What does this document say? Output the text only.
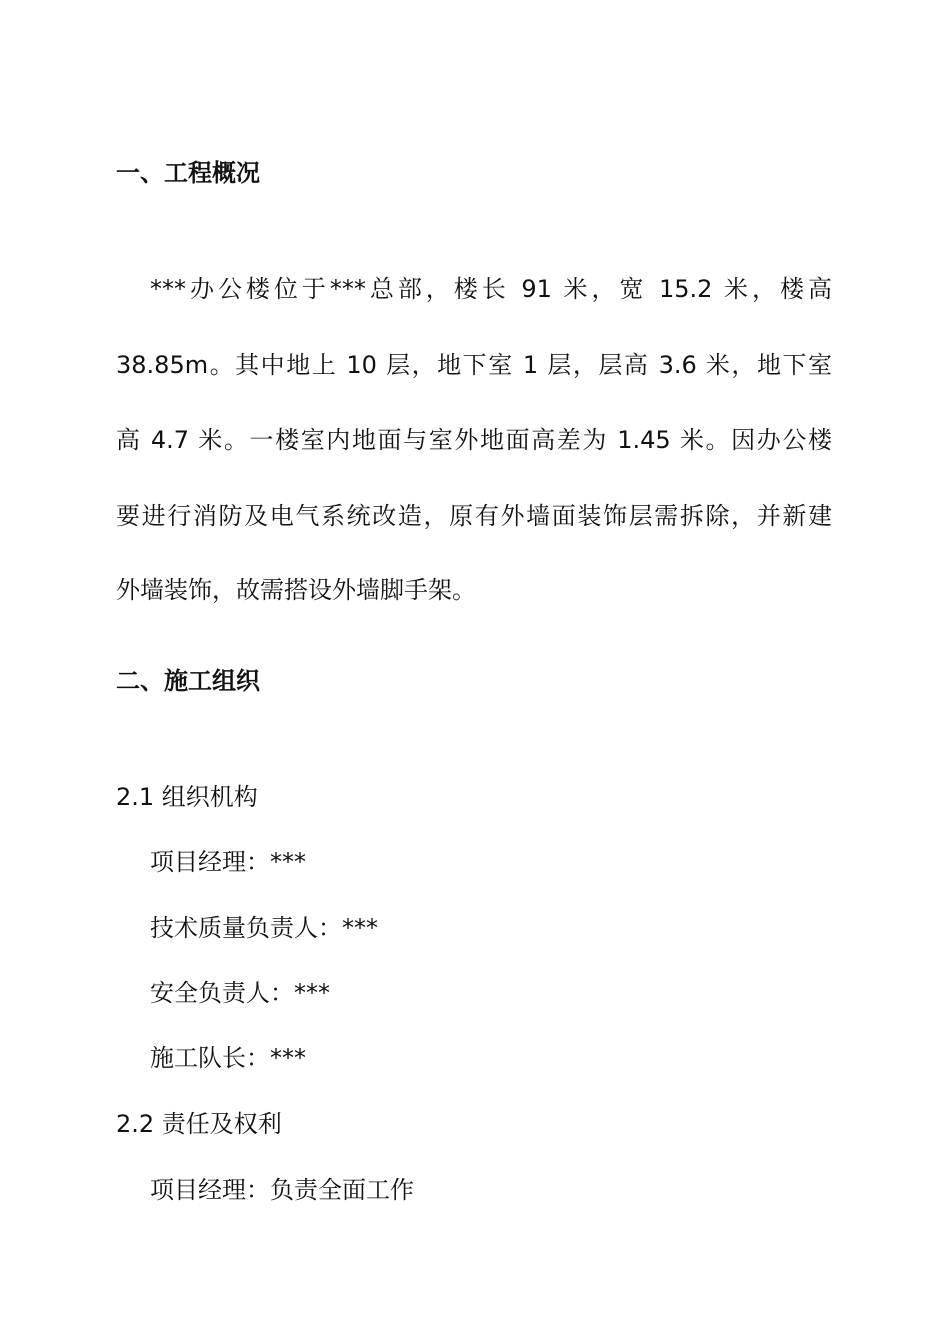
一、工程概况
***办公楼位于***总部，楼长 91 米，宽 15.2 米，楼高
38.85m。其中地上 10 层，地下室 1 层，层高 3.6 米，地下室
高 4.7 米。一楼室内地面与室外地面高差为 1.45 米。因办公楼
要进行消防及电气系统改造，原有外墙面装饰层需拆除，并新建
外墙装饰，故需搭设外墙脚手架。
二、施工组织
2.1 组织机构
项目经理：***
技术质量负责人：***
安全负责人：***
施工队长：***
2.2 责任及权利
项目经理：负责全面工作
